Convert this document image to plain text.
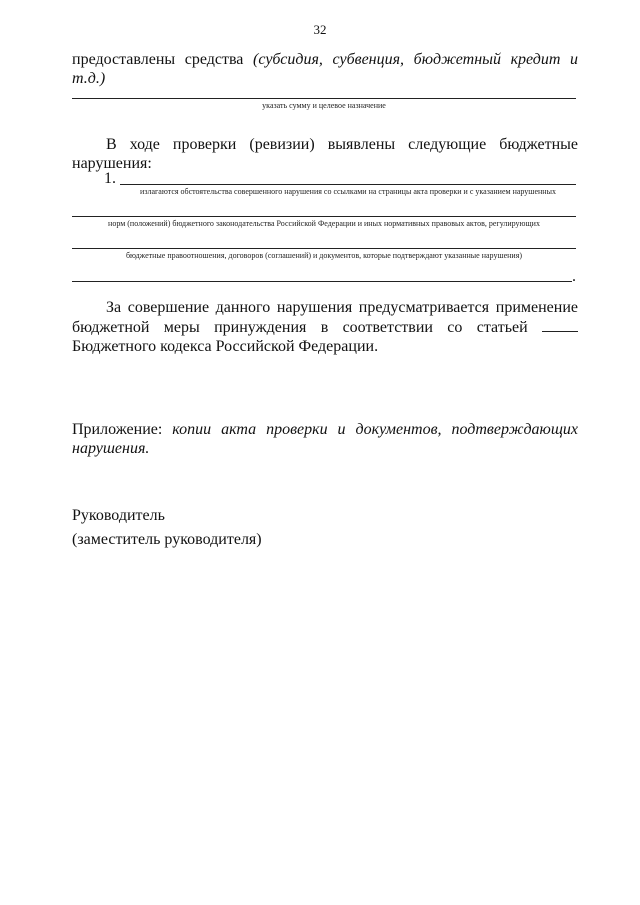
32
предоставлены средства (субсидия, субвенция, бюджетный кредит и т.д.)
указать сумму и целевое назначение
В ходе проверки (ревизии) выявлены следующие бюджетные нарушения:
1.
излагаются обстоятельства совершенного нарушения со ссылками на страницы акта проверки и с указанием нарушенных
норм (положений) бюджетного законодательства Российской Федерации и иных нормативных правовых актов, регулирующих
бюджетные правоотношения, договоров (соглашений) и документов, которые подтверждают указанные нарушения)
.
За совершение данного нарушения предусматривается применение бюджетной меры принуждения в соответствии со статьей  Бюджетного кодекса Российской Федерации.
Приложение: копии акта проверки и документов, подтверждающих нарушения.
Руководитель
(заместитель руководителя)
